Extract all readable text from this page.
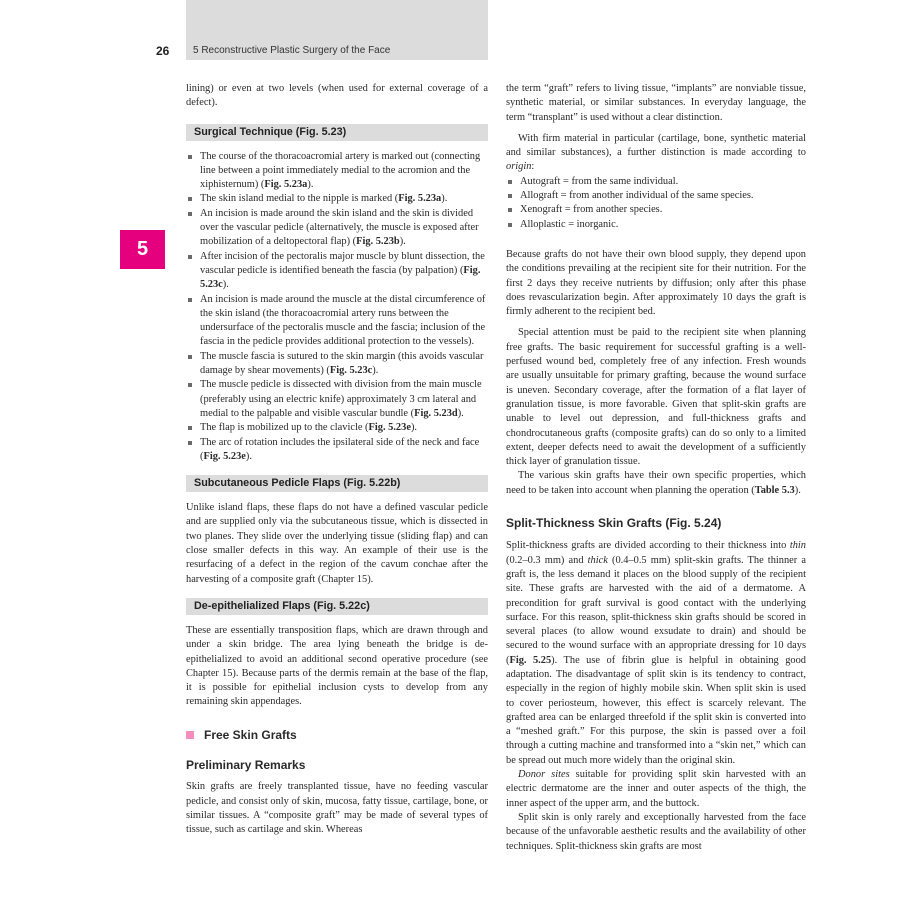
26 5 Reconstructive Plastic Surgery of the Face
5

lining) or even at two levels (when used for external coverage of a defect).

Surgical Technique (Fig. 5.23)
The course of the thoracoacromial artery is marked out (connecting line between a point immediately medial to the acromion and the xiphisternum) (Fig. 5.23a).
The skin island medial to the nipple is marked (Fig. 5.23a).
An incision is made around the skin island and the skin is divided over the vascular pedicle (alternatively, the muscle is exposed after mobilization of a deltopectoral flap) (Fig. 5.23b).
After incision of the pectoralis major muscle by blunt dissection, the vascular pedicle is identified beneath the fascia (by palpation) (Fig. 5.23c).
An incision is made around the muscle at the distal circumference of the skin island (the thoracoacromial artery runs between the undersurface of the pectoralis muscle and the fascia; inclusion of the fascia in the pedicle provides additional protection to the vessels).
The muscle fascia is sutured to the skin margin (this avoids vascular damage by shear movements) (Fig. 5.23c).
The muscle pedicle is dissected with division from the main muscle (preferably using an electric knife) approximately 3 cm lateral and medial to the palpable and visible vascular bundle (Fig. 5.23d).
The flap is mobilized up to the clavicle (Fig. 5.23e).
The arc of rotation includes the ipsilateral side of the neck and face (Fig. 5.23e).
Subcutaneous Pedicle Flaps (Fig. 5.22b)

Unlike island flaps, these flaps do not have a defined vascular pedicle and are supplied only via the subcutaneous tissue, which is dissected in two planes. They slide over the underlying tissue (sliding flap) and can close smaller defects in this way. An example of their use is the resurfacing of a defect in the region of the cavum conchae after the harvesting of a composite graft (Chapter 15).

De-epithelialized Flaps (Fig. 5.22c)

These are essentially transposition flaps, which are drawn through and under a skin bridge. The area lying beneath the bridge is de-epithelialized to avoid an additional second operative procedure (see Chapter 15). Because parts of the dermis remain at the base of the flap, it is possible for epithelial inclusion cysts to develop from any remaining skin appendages.

Free Skin Grafts
Preliminary Remarks

Skin grafts are freely transplanted tissue, have no feeding vascular pedicle, and consist only of skin, mucosa, fatty tissue, cartilage, bone, or similar tissues. A “composite graft” may be made of several types of tissue, such as cartilage and skin. Whereas

the term “graft” refers to living tissue, “implants” are nonviable tissue, synthetic material, or similar substances. In everyday language, the term “transplant” is used without a clear distinction.

With firm material in particular (cartilage, bone, synthetic material and similar substances), a further distinction is made according to origin:

Autograft = from the same individual.
Allograft = from another individual of the same species.
Xenograft = from another species.
Alloplastic = inorganic.

Because grafts do not have their own blood supply, they depend upon the conditions prevailing at the recipient site for their nutrition. For the first 2 days they receive nutrients by diffusion; only after this phase does revascularization begin. After approximately 10 days the graft is firmly adherent to the recipient bed.

Special attention must be paid to the recipient site when planning free grafts. The basic requirement for successful grafting is a well-perfused wound bed, completely free of any infection. Fresh wounds are usually unsuitable for primary grafting, because the wound surface is uneven. Secondary coverage, after the formation of a flat layer of granulation tissue, is more favorable. Given that split-skin grafts are unable to level out depression, and full-thickness grafts and chondrocutaneous grafts (composite grafts) can do so only to a limited extent, deeper defects need to await the development of a sufficiently thick layer of granulation tissue.

The various skin grafts have their own specific properties, which need to be taken into account when planning the operation (Table 5.3).

Split-Thickness Skin Grafts (Fig. 5.24)

Split-thickness grafts are divided according to their thickness into thin (0.2–0.3 mm) and thick (0.4–0.5 mm) split-skin grafts. The thinner a graft is, the less demand it places on the blood supply of the recipient site. These grafts are harvested with the aid of a dermatome. A precondition for graft survival is good contact with the underlying surface. For this reason, split-thickness skin grafts should be scored in several places (to allow wound exsudate to drain) and should be secured to the wound surface with an appropriate dressing for 10 days (Fig. 5.25). The use of fibrin glue is helpful in obtaining good adaptation. The disadvantage of split skin is its tendency to contract, especially in the region of highly mobile skin. When split skin is used to cover periosteum, however, this effect is scarcely relevant. The grafted area can be enlarged threefold if the split skin is converted into a “meshed graft.” For this purpose, the skin is passed over a foil through a cutting machine and transformed into a “skin net,” which can be spread out much more widely than the original skin.

Donor sites suitable for providing split skin harvested with an electric dermatome are the inner and outer aspects of the thigh, the inner aspect of the upper arm, and the buttock.

Split skin is only rarely and exceptionally harvested from the face because of the unfavorable aesthetic results and the availability of other techniques. Split-thickness skin grafts are most
